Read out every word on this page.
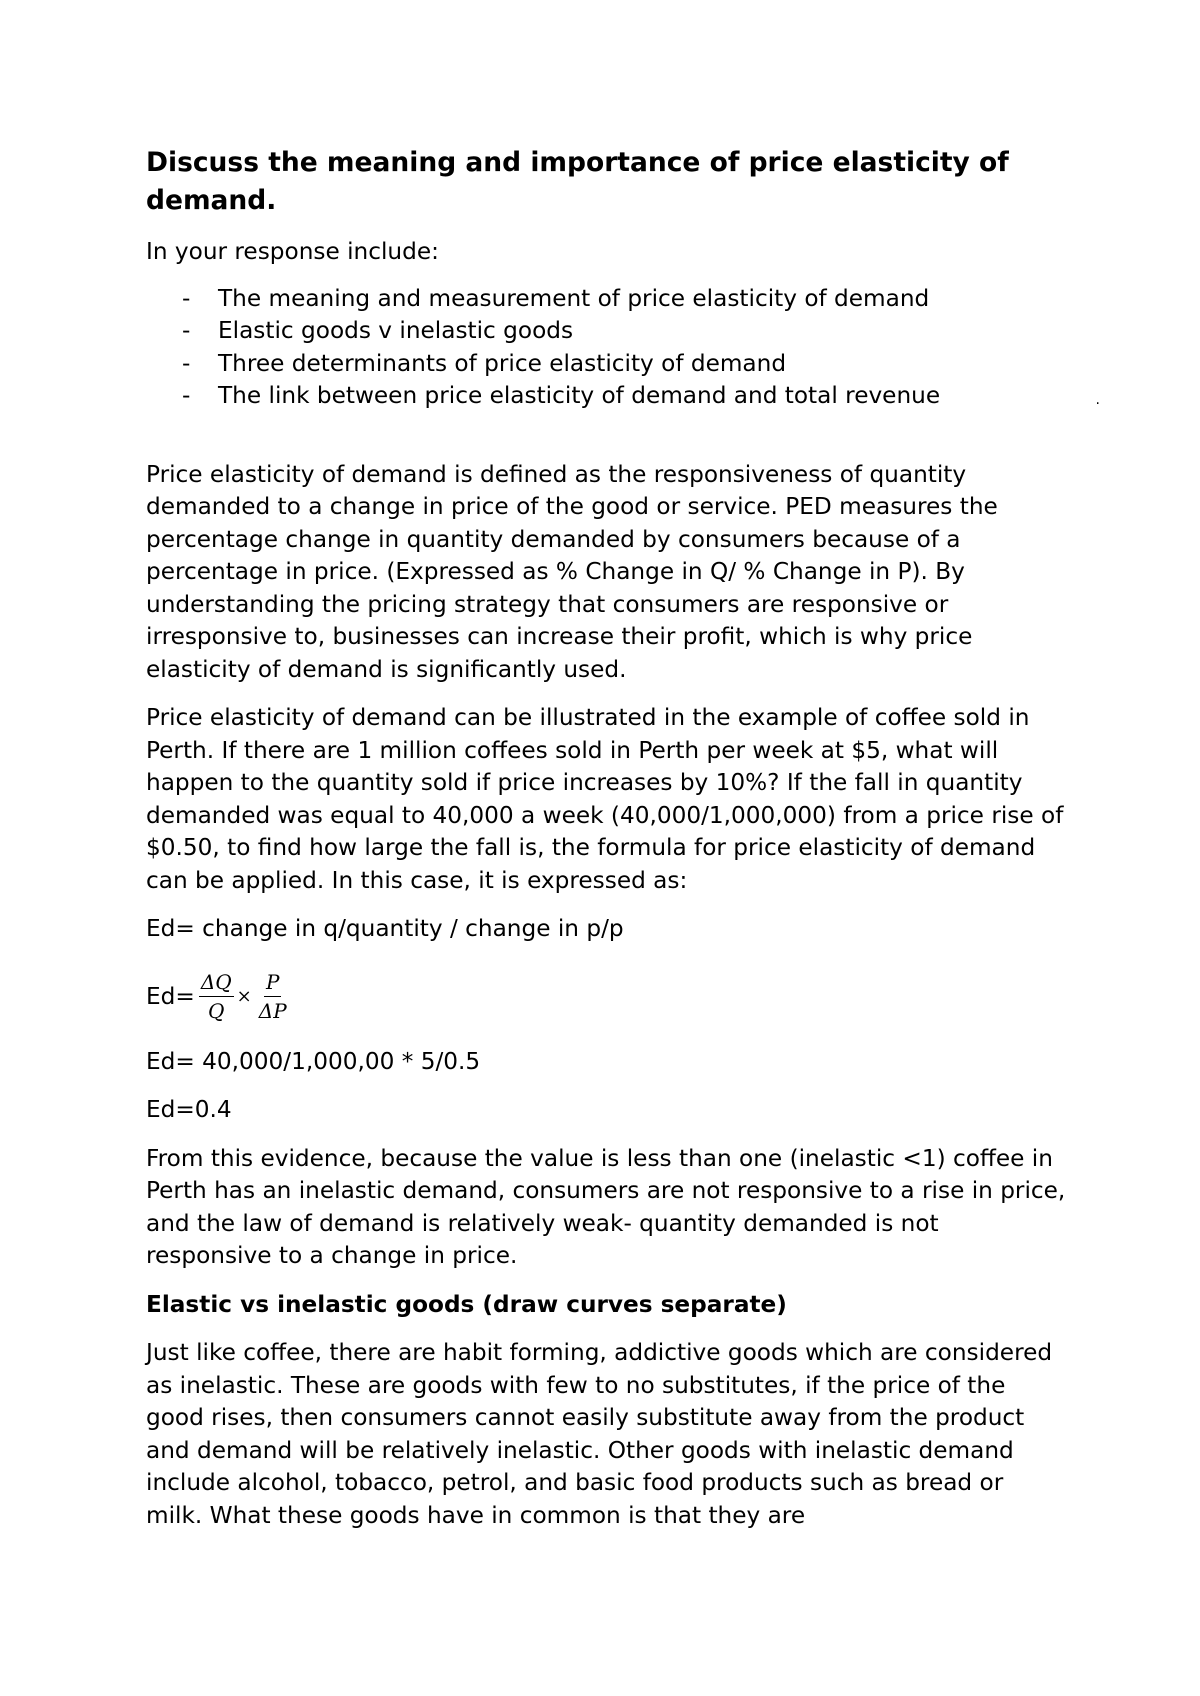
Discuss the meaning and importance of price elasticity of demand.

In your response include:

- The meaning and measurement of price elasticity of demand
- Elastic goods v inelastic goods
- Three determinants of price elasticity of demand
- The link between price elasticity of demand and total revenue	.

Price elasticity of demand is defined as the responsiveness of quantity demanded to a change in price of the good or service. PED measures the percentage change in quantity demanded by consumers because of a percentage in price. (Expressed as % Change in Q/ % Change in P). By understanding the pricing strategy that consumers are responsive or irresponsive to, businesses can increase their profit, which is why price elasticity of demand is significantly used.

Price elasticity of demand can be illustrated in the example of coffee sold in Perth. If there are 1 million coffees sold in Perth per week at $5, what will happen to the quantity sold if price increases by 10%? If the fall in quantity demanded was equal to 40,000 a week (40,000/1,000,000) from a price rise of $0.50, to find how large the fall is, the formula for price elasticity of demand can be applied. In this case, it is expressed as:

Ed= change in q/quantity / change in p/p

$Ed= \frac{\Delta Q}{Q} \times \frac{P}{\Delta P}$

Ed= 40,000/1,000,00 * 5/0.5

Ed=0.4

From this evidence, because the value is less than one (inelastic <1) coffee in Perth has an inelastic demand, consumers are not responsive to a rise in price, and the law of demand is relatively weak- quantity demanded is not responsive to a change in price.

Elastic vs inelastic goods (draw curves separate)

Just like coffee, there are habit forming, addictive goods which are considered as inelastic. These are goods with few to no substitutes, if the price of the good rises, then consumers cannot easily substitute away from the product and demand will be relatively inelastic. Other goods with inelastic demand include alcohol, tobacco, petrol, and basic food products such as bread or milk. What these goods have in common is that they are
